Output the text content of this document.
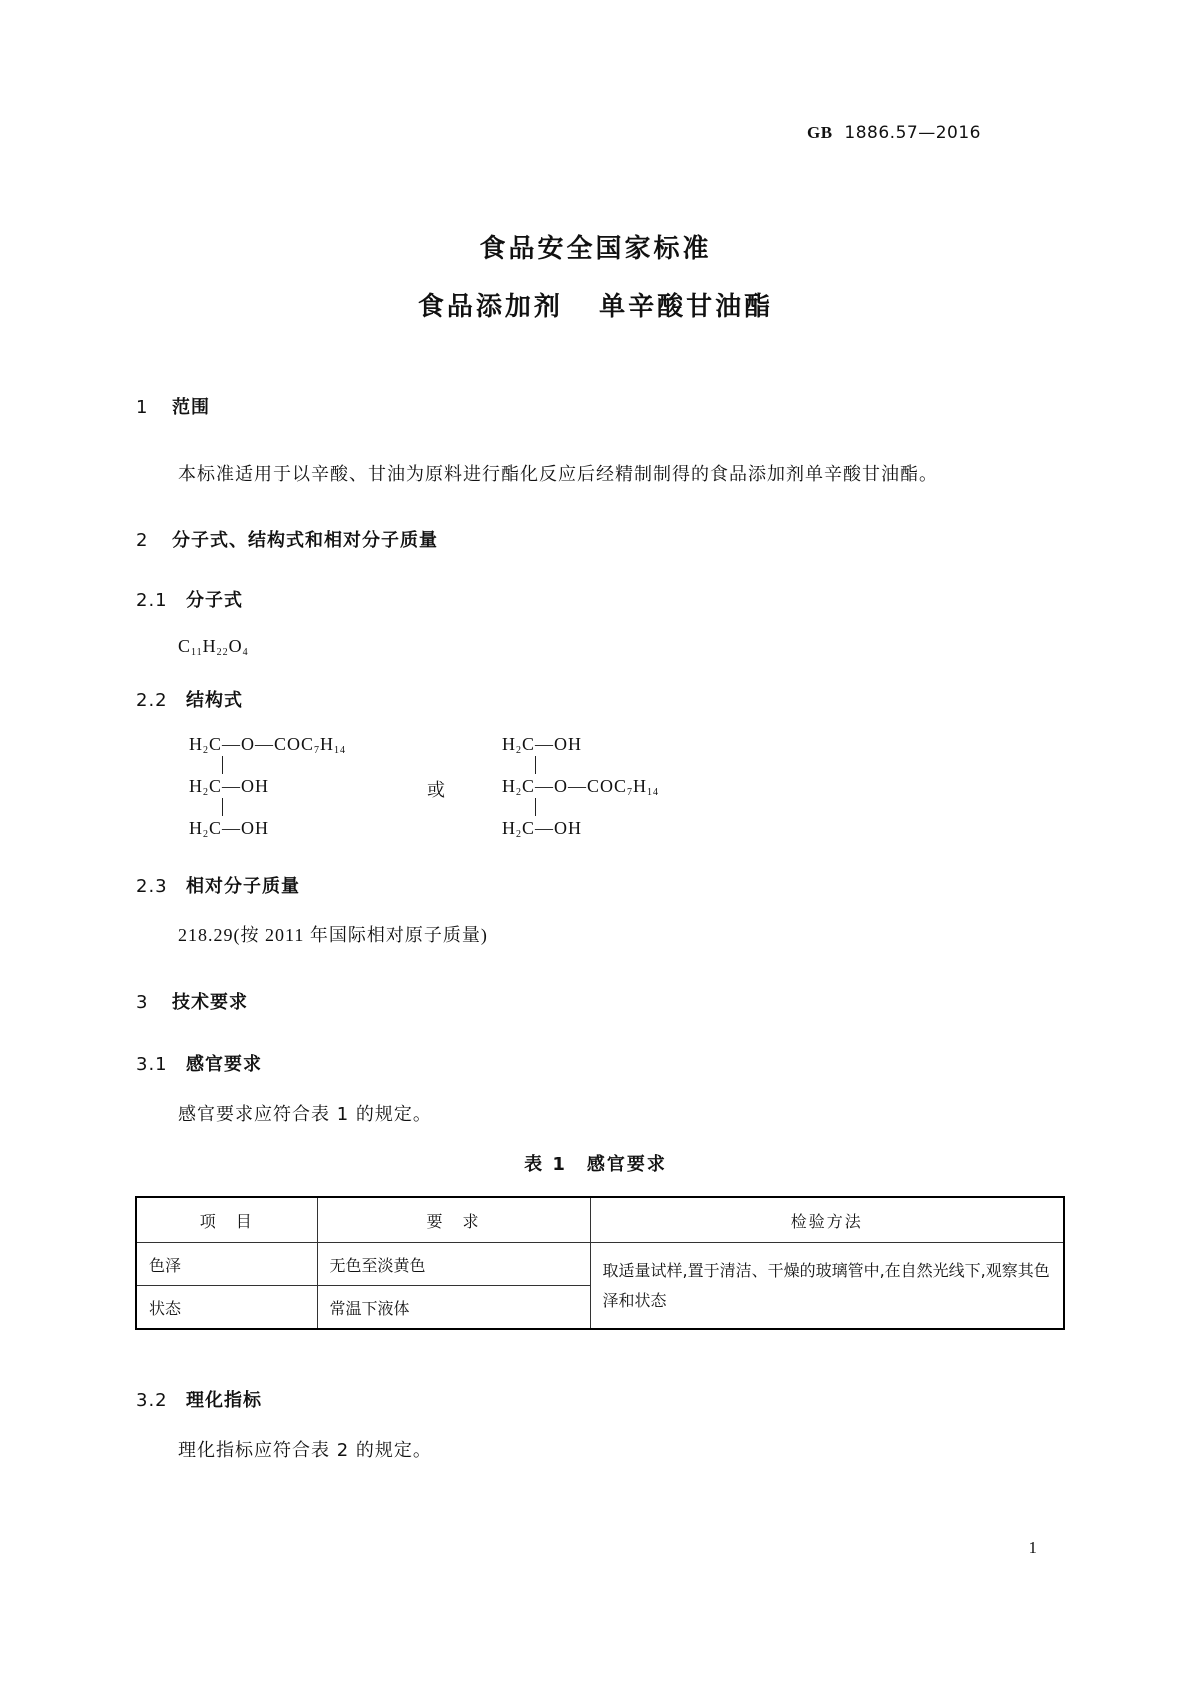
GB 1886.57—2016
食品安全国家标准
食品添加剂 单辛酸甘油酯
1 范围
本标准适用于以辛酸、甘油为原料进行酯化反应后经精制制得的食品添加剂单辛酸甘油酯。
2 分子式、结构式和相对分子质量
2.1 分子式
$C_{11}H_{22}O_4$
2.2 结构式
$H_2C—O—COC_7H_{14}$
$H_2C—OH$
$H_2C—OH$
或
$H_2C—OH$
$H_2C—O—COC_7H_{14}$
$H_2C—OH$
2.3 相对分子质量
218.29(按 2011 年国际相对原子质量)
3 技术要求
3.1 感官要求
感官要求应符合表 1 的规定。
表 1　感官要求
项　目	要　求	检验方法
色泽	无色至淡黄色	取适量试样,置于清洁、干燥的玻璃管中,在自然光线下,观察其色泽和状态
状态	常温下液体	
3.2 理化指标
理化指标应符合表 2 的规定。
1
